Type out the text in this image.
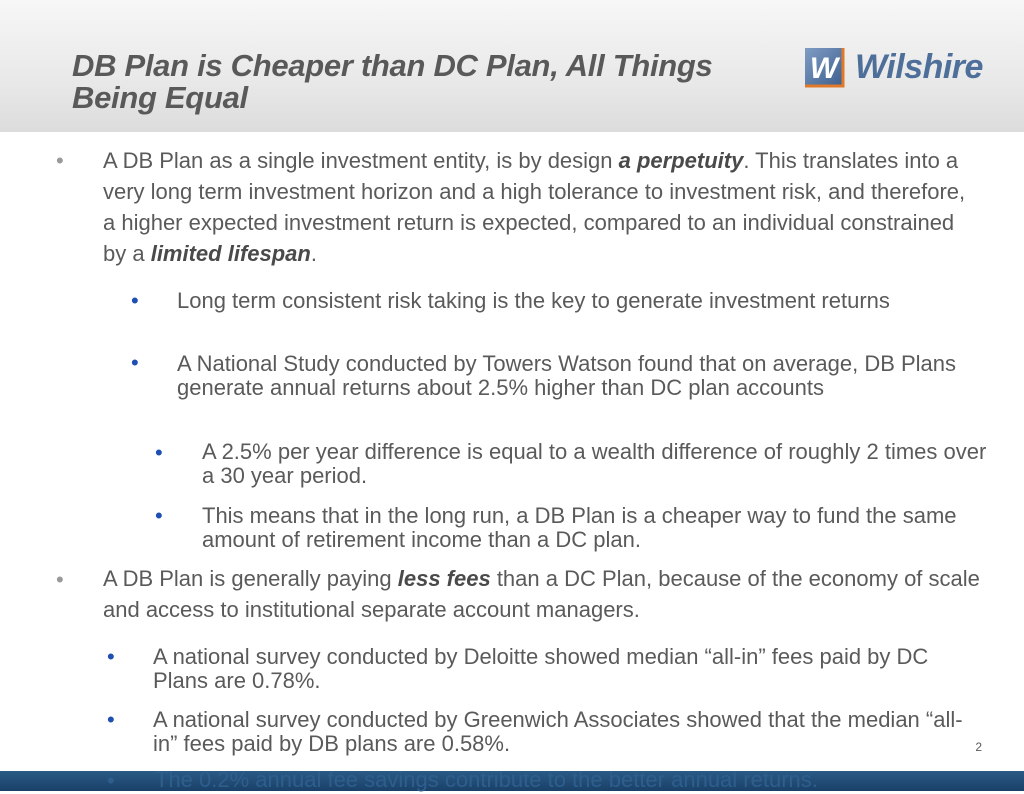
DB Plan is Cheaper than DC Plan, All Things Being Equal
W Wilshire
• A DB Plan as a single investment entity, is by design a perpetuity. This translates into a very long term investment horizon and a high tolerance to investment risk, and therefore, a higher expected investment return is expected, compared to an individual constrained by a limited lifespan.
• Long term consistent risk taking is the key to generate investment returns
• A National Study conducted by Towers Watson found that on average, DB Plans generate annual returns about 2.5% higher than DC plan accounts
• A 2.5% per year difference is equal to a wealth difference of roughly 2 times over a 30 year period.
• This means that in the long run, a DB Plan is a cheaper way to fund the same amount of retirement income than a DC plan.
• A DB Plan is generally paying less fees than a DC Plan, because of the economy of scale and access to institutional separate account managers.
• A national survey conducted by Deloitte showed median “all-in” fees paid by DC Plans are 0.78%.
• A national survey conducted by Greenwich Associates showed that the median “all-in” fees paid by DB plans are 0.58%.	2
• The 0.2% annual fee savings contribute to the better annual returns.
